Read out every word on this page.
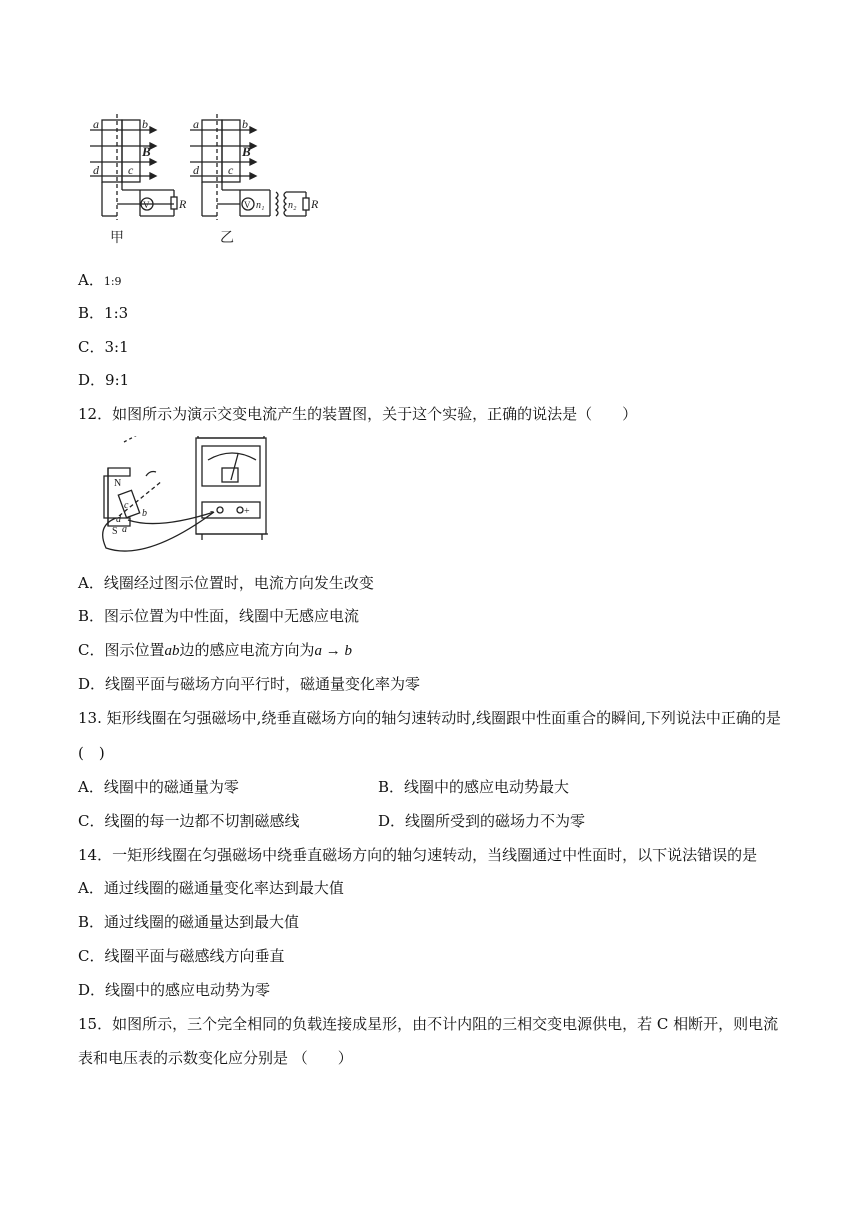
a	b
B
d c
R
V
a	b
B
d c
V n₁ n₂ R
甲	乙
A．1:9
B．1:3
C．3:1
D．9:1
12．如图所示为演示交变电流产生的装置图，关于这个实验，正确的说法是（　　）
N
S
c
a
b
d
-	+
A．线圈经过图示位置时，电流方向发生改变
B．图示位置为中性面，线圈中无感应电流
C．图示位置ab边的感应电流方向为a → b
D．线圈平面与磁场方向平行时，磁通量变化率为零
13. 矩形线圈在匀强磁场中,绕垂直磁场方向的轴匀速转动时,线圈跟中性面重合的瞬间,下列说法中正确的是
(　)
A．线圈中的磁通量为零	B．线圈中的感应电动势最大
C．线圈的每一边都不切割磁感线	D．线圈所受到的磁场力不为零
14．一矩形线圈在匀强磁场中绕垂直磁场方向的轴匀速转动，当线圈通过中性面时，以下说法错误的是
A．通过线圈的磁通量变化率达到最大值
B．通过线圈的磁通量达到最大值
C．线圈平面与磁感线方向垂直
D．线圈中的感应电动势为零
15．如图所示，三个完全相同的负载连接成星形，由不计内阻的三相交变电源供电，若 C 相断开，则电流
表和电压表的示数变化应分别是 （　　）
